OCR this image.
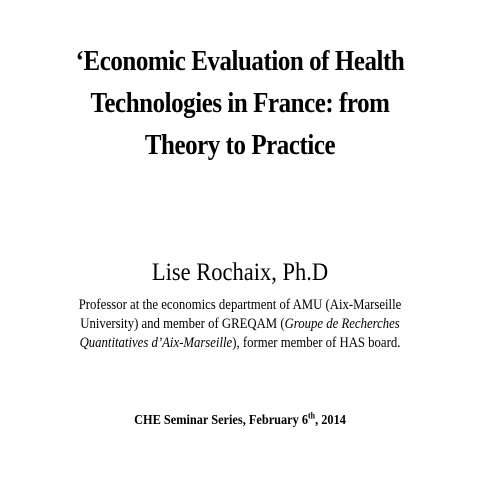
‘Economic Evaluation of Health
Technologies in France: from
Theory to Practice
Lise Rochaix, Ph.D
Professor at the economics department of AMU (Aix-Marseille
University) and member of GREQAM (Groupe de Recherches
Quantitatives d’Aix-Marseille), former member of HAS board.
CHE Seminar Series, February 6th, 2014
